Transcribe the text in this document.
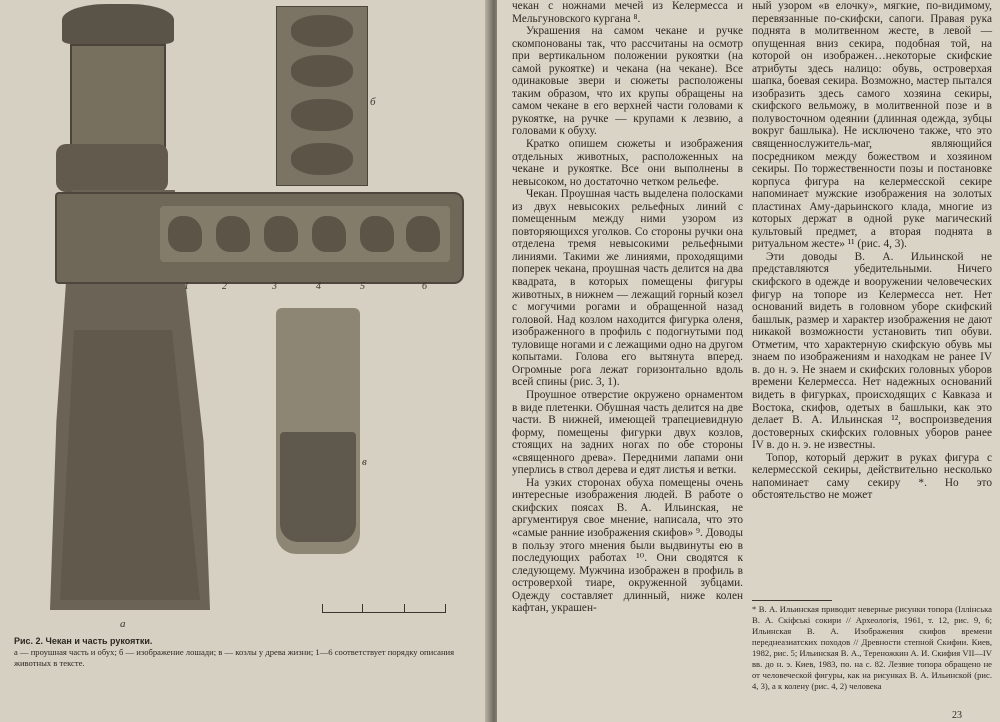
1	2	3	4	5	6
б
в
а
Рис. 2. Чекан и часть рукоятки.
а — проушная часть и обух; б — изображение лошади; в — козлы у древа жизни; 1—6 соответствует порядку описания животных в тексте.

чекан с ножнами мечей из Келермесса и Мельгуновского кургана ⁸.

Украшения на самом чекане и ручке скомпонованы так, что рассчитаны на осмотр при вертикальном положении рукоятки (на самой рукоятке) и чекана (на чекане). Все одинаковые звери и сюжеты расположены таким образом, что их крупы обращены на самом чекане в его верхней части головами к рукоятке, на ручке — крупами к лезвию, а головами к обуху.

Кратко опишем сюжеты и изображения отдельных животных, расположенных на чекане и рукоятке. Все они выполнены в невысоком, но достаточно четком рельефе.

Чекан. Проушная часть выделена полосками из двух невысоких рельефных линий с помещенным между ними узором из повторяющихся уголков. Со стороны ручки она отделена тремя невысокими рельефными линиями. Такими же линиями, проходящими поперек чекана, проушная часть делится на два квадрата, в которых помещены фигуры животных, в нижнем — лежащий горный козел с могучими рогами и обращенной назад головой. Над козлом находится фигурка оленя, изображенного в профиль с подогнутыми под туловище ногами и с лежащими одно на другом копытами. Голова его вытянута вперед. Огромные рога лежат горизонтально вдоль всей спины (рис. 3, 1).

Проушное отверстие окружено орнаментом в виде плетенки. Обушная часть делится на две части. В нижней, имеющей трапециевидную форму, помещены фигурки двух козлов, стоящих на задних ногах по обе стороны «священного древа». Передними лапами они уперлись в ствол дерева и едят листья и ветки.

На узких сторонах обуха помещены очень интересные изображения людей. В работе о скифских поясах В. А. Ильинская, не аргументируя свое мнение, написала, что это «самые ранние изображения скифов» ⁹. Доводы в пользу этого мнения были выдвинуты ею в последующих работах ¹⁰. Они сводятся к следующему. Мужчина изображен в профиль в островерхой тиаре, окруженной зубцами. Одежду составляет длинный, ниже колен кафтан, украшен-

ный узором «в елочку», мягкие, по-видимому, перевязанные по-скифски, сапоги. Правая рука поднята в молитвенном жесте, в левой — опущенная вниз секира, подобная той, на которой он изображен…некоторые скифские атрибуты здесь налицо: обувь, островерхая шапка, боевая секира. Возможно, мастер пытался изобразить здесь самого хозяина секиры, скифского вельможу, в молитвенной позе и в полувосточном одеянии (длинная одежда, зубцы вокруг башлыка). Не исключено также, что это священнослужитель-маг, являющийся посредником между божеством и хозяином секиры. По торжественности позы и постановке корпуса фигура на келермесской секире напоминает мужские изображения на золотых пластинах Аму-дарьинского клада, многие из которых держат в одной руке магический культовый предмет, а вторая поднята в ритуальном жесте» ¹¹ (рис. 4, 3).

Эти доводы В. А. Ильинской не представляются убедительными. Ничего скифского в одежде и вооружении человеческих фигур на топоре из Келермесса нет. Нет оснований видеть в головном уборе скифский башлык, размер и характер изображения не дают никакой возможности установить тип обуви. Отметим, что характерную скифскую обувь мы знаем по изображениям и находкам не ранее IV в. до н. э. Не знаем и скифских головных уборов времени Келермесса. Нет надежных оснований видеть в фигурках, происходящих с Кавказа и Востока, скифов, одетых в башлыки, как это делает В. А. Ильинская ¹², воспроизведения достоверных скифских головных уборов ранее IV в. до н. э. не известны.

Топор, который держит в руках фигура с келермесской секиры, действительно несколько напоминает саму секиру *. Но это обстоятельство не может

* В. А. Ильинская приводит неверные рисунки топора (Іллінська В. А. Скіфські сокири // Археологія, 1961, т. 12, рис. 9, 6; Ильинская В. А. Изображения скифов времени переднеазиатских походов // Древности степной Скифии. Киев, 1982, рис. 5; Ильинская В. А., Тереножкин А. И. Скифия VII—IV вв. до н. э. Киев, 1983, по. на с. 82. Лезвие топора обращено не от человеческой фигуры, как на рисунках В. А. Ильинской (рис. 4, 3), а к колену (рис. 4, 2) человека
23
